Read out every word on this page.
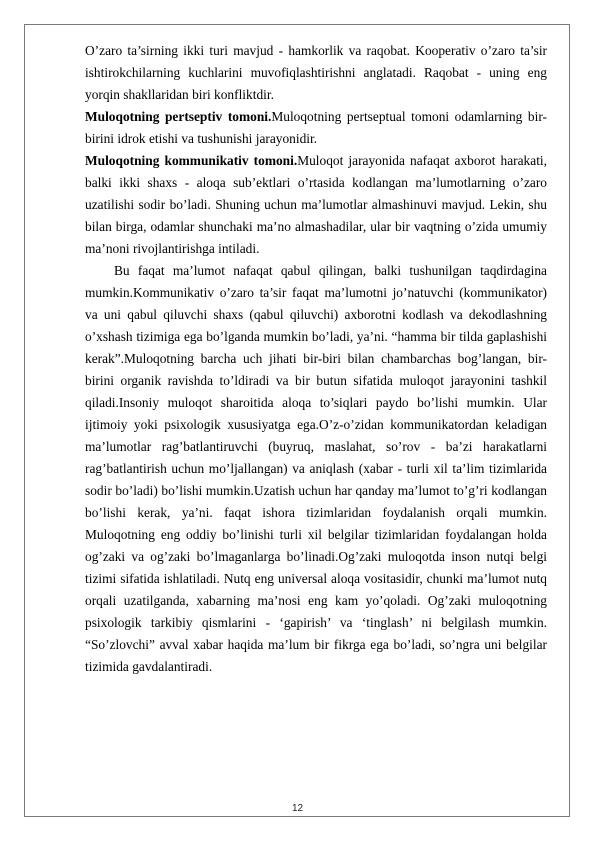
O’zaro ta’sirning ikki turi mavjud - hamkorlik va raqobat. Kooperativ o’zaro ta’sir ishtirokchilarning kuchlarini muvofiqlashtirishni anglatadi. Raqobat - uning eng yorqin shakllaridan biri konfliktdir.

Muloqotning pertseptiv tomoni.Muloqotning pertseptual tomoni odamlarning bir-birini idrok etishi va tushunishi jarayonidir.

Muloqotning kommunikativ tomoni.Muloqot jarayonida nafaqat axborot harakati, balki ikki shaxs - aloqa sub’ektlari o’rtasida kodlangan ma’lumotlarning o’zaro uzatilishi sodir bo’ladi. Shuning uchun ma’lumotlar almashinuvi mavjud. Lekin, shu bilan birga, odamlar shunchaki ma’no almashadilar, ular bir vaqtning o’zida umumiy ma’noni rivojlantirishga intiladi.

Bu faqat ma’lumot nafaqat qabul qilingan, balki tushunilgan taqdirdagina mumkin.Kommunikativ o’zaro ta’sir faqat ma’lumotni jo’natuvchi (kommunikator) va uni qabul qiluvchi shaxs (qabul qiluvchi) axborotni kodlash va dekodlashning o’xshash tizimiga ega bo’lganda mumkin bo’ladi, ya’ni. “hamma bir tilda gaplashishi kerak”.Muloqotning barcha uch jihati bir-biri bilan chambarchas bog’langan, bir-birini organik ravishda to’ldiradi va bir butun sifatida muloqot jarayonini tashkil qiladi.Insoniy muloqot sharoitida aloqa to’siqlari paydo bo’lishi mumkin. Ular ijtimoiy yoki psixologik xususiyatga ega.O’z-o’zidan kommunikatordan keladigan ma’lumotlar rag’batlantiruvchi (buyruq, maslahat, so’rov - ba’zi harakatlarni rag’batlantirish uchun mo’ljallangan) va aniqlash (xabar - turli xil ta’lim tizimlarida sodir bo’ladi) bo’lishi mumkin.Uzatish uchun har qanday ma’lumot to’g’ri kodlangan bo’lishi kerak, ya’ni. faqat ishora tizimlaridan foydalanish orqali mumkin. Muloqotning eng oddiy bo’linishi turli xil belgilar tizimlaridan foydalangan holda og’zaki va og’zaki bo’lmaganlarga bo’linadi.Og’zaki muloqotda inson nutqi belgi tizimi sifatida ishlatiladi. Nutq eng universal aloqa vositasidir, chunki ma’lumot nutq orqali uzatilganda, xabarning ma’nosi eng kam yo’qoladi. Og’zaki muloqotning psixologik tarkibiy qismlarini - ‘gapirish’ va ‘tinglash’ ni belgilash mumkin. “So’zlovchi” avval xabar haqida ma’lum bir fikrga ega bo’ladi, so’ngra uni belgilar tizimida gavdalantiradi.

12
